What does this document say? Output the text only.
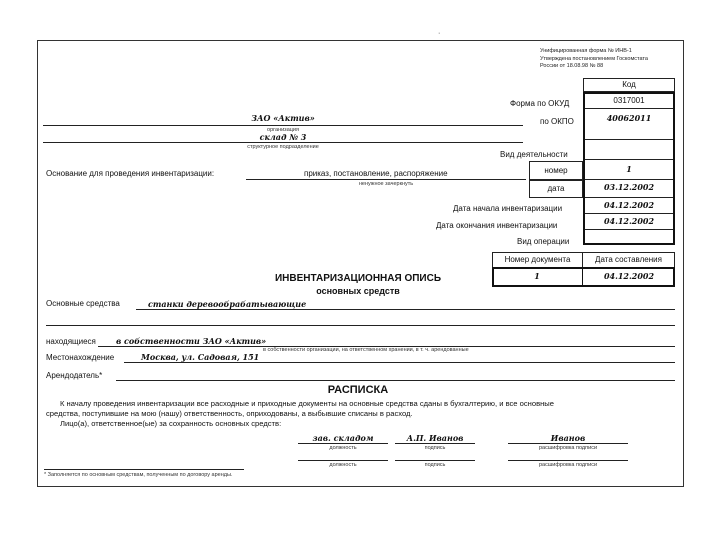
·
Унифицированная форма № ИНВ-1
Утверждена постановлением Госкомстата
России от 18.08.98 № 88
Код
Форма по ОКУД	0317001
по ОКПО	40062011
Вид деятельности
номер	1
дата	03.12.2002
Дата начала инвентаризации	04.12.2002
Дата окончания инвентаризации	04.12.2002
Вид операции
ЗАО «Актив»
организация
склад № 3
структурное подразделение
Основание для проведения инвентаризации:	приказ, постановление, распоряжение
ненужное зачеркнуть
Номер документа	Дата составления
1	04.12.2002
ИНВЕНТАРИЗАЦИОННАЯ ОПИСЬ
основных средств
Основные средства	станки деревообрабатывающие
находящиеся	в собственности ЗАО «Актив»
в собственности организации, на ответственном хранении, в т. ч. арендованные
Местонахождение	Москва, ул. Садовая, 151
Арендодатель*
РАСПИСКА
К началу проведения инвентаризации все расходные и приходные документы на основные средства сданы в бухгалтерию, и все основные
средства, поступившие на мою (нашу) ответственность, оприходованы, а выбывшие списаны в расход.
Лицо(а), ответственное(ые) за сохранность основных средств:
зав. складом
должность
А.П. Иванов
подпись
Иванов
расшифровка подписи
должность	подпись	расшифровка подписи
* Заполняется по основным средствам, полученным по договору аренды.
